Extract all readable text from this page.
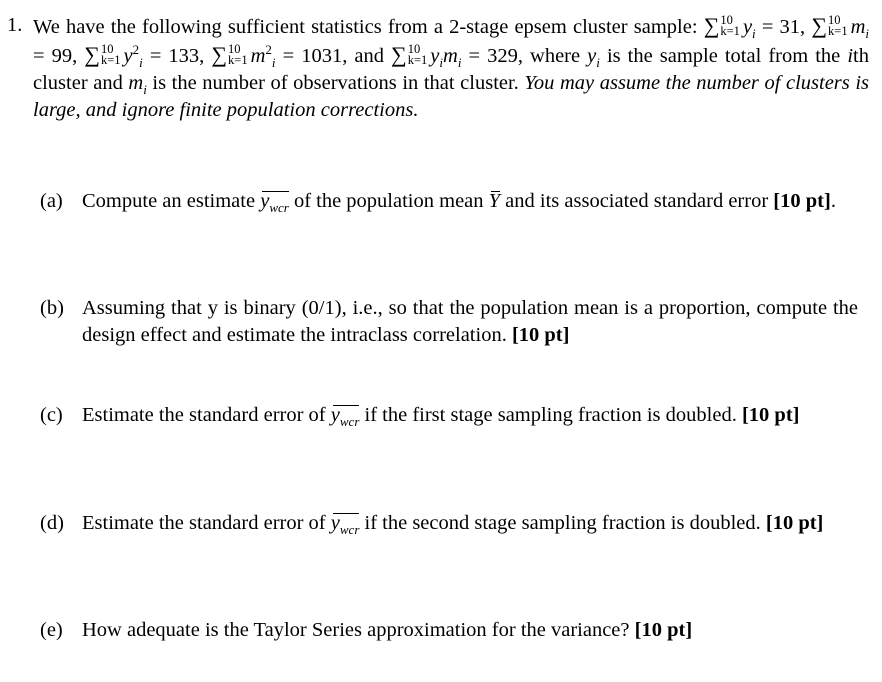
1. We have the following sufficient statistics from a 2-stage epsem cluster sample: ∑ 10
k=1 $y_i = 31$, ∑ 10
k=1 $m_i = 99$, ∑ 10
k=1 $y^2_i = 133$, ∑ 10
k=1 $m^2_i = 1031$, and ∑ 10
k=1 $y_im_i = 329$, where $y_i$ is the sample total from the ith cluster and $m_i$ is the number of observations in that cluster. You may assume the number of clusters is large, and ignore finite population corrections.
(a) Compute an estimate $y_{wcr}$ of the population mean Y and its associated standard error [10 pt].
(b) Assuming that y is binary (0/1), i.e., so that the population mean is a proportion, compute the design effect and estimate the intraclass correlation. [10 pt]
(c) Estimate the standard error of $y_{wcr}$ if the first stage sampling fraction is doubled. [10 pt]
(d) Estimate the standard error of $y_{wcr}$ if the second stage sampling fraction is doubled. [10 pt]
(e) How adequate is the Taylor Series approximation for the variance? [10 pt]
